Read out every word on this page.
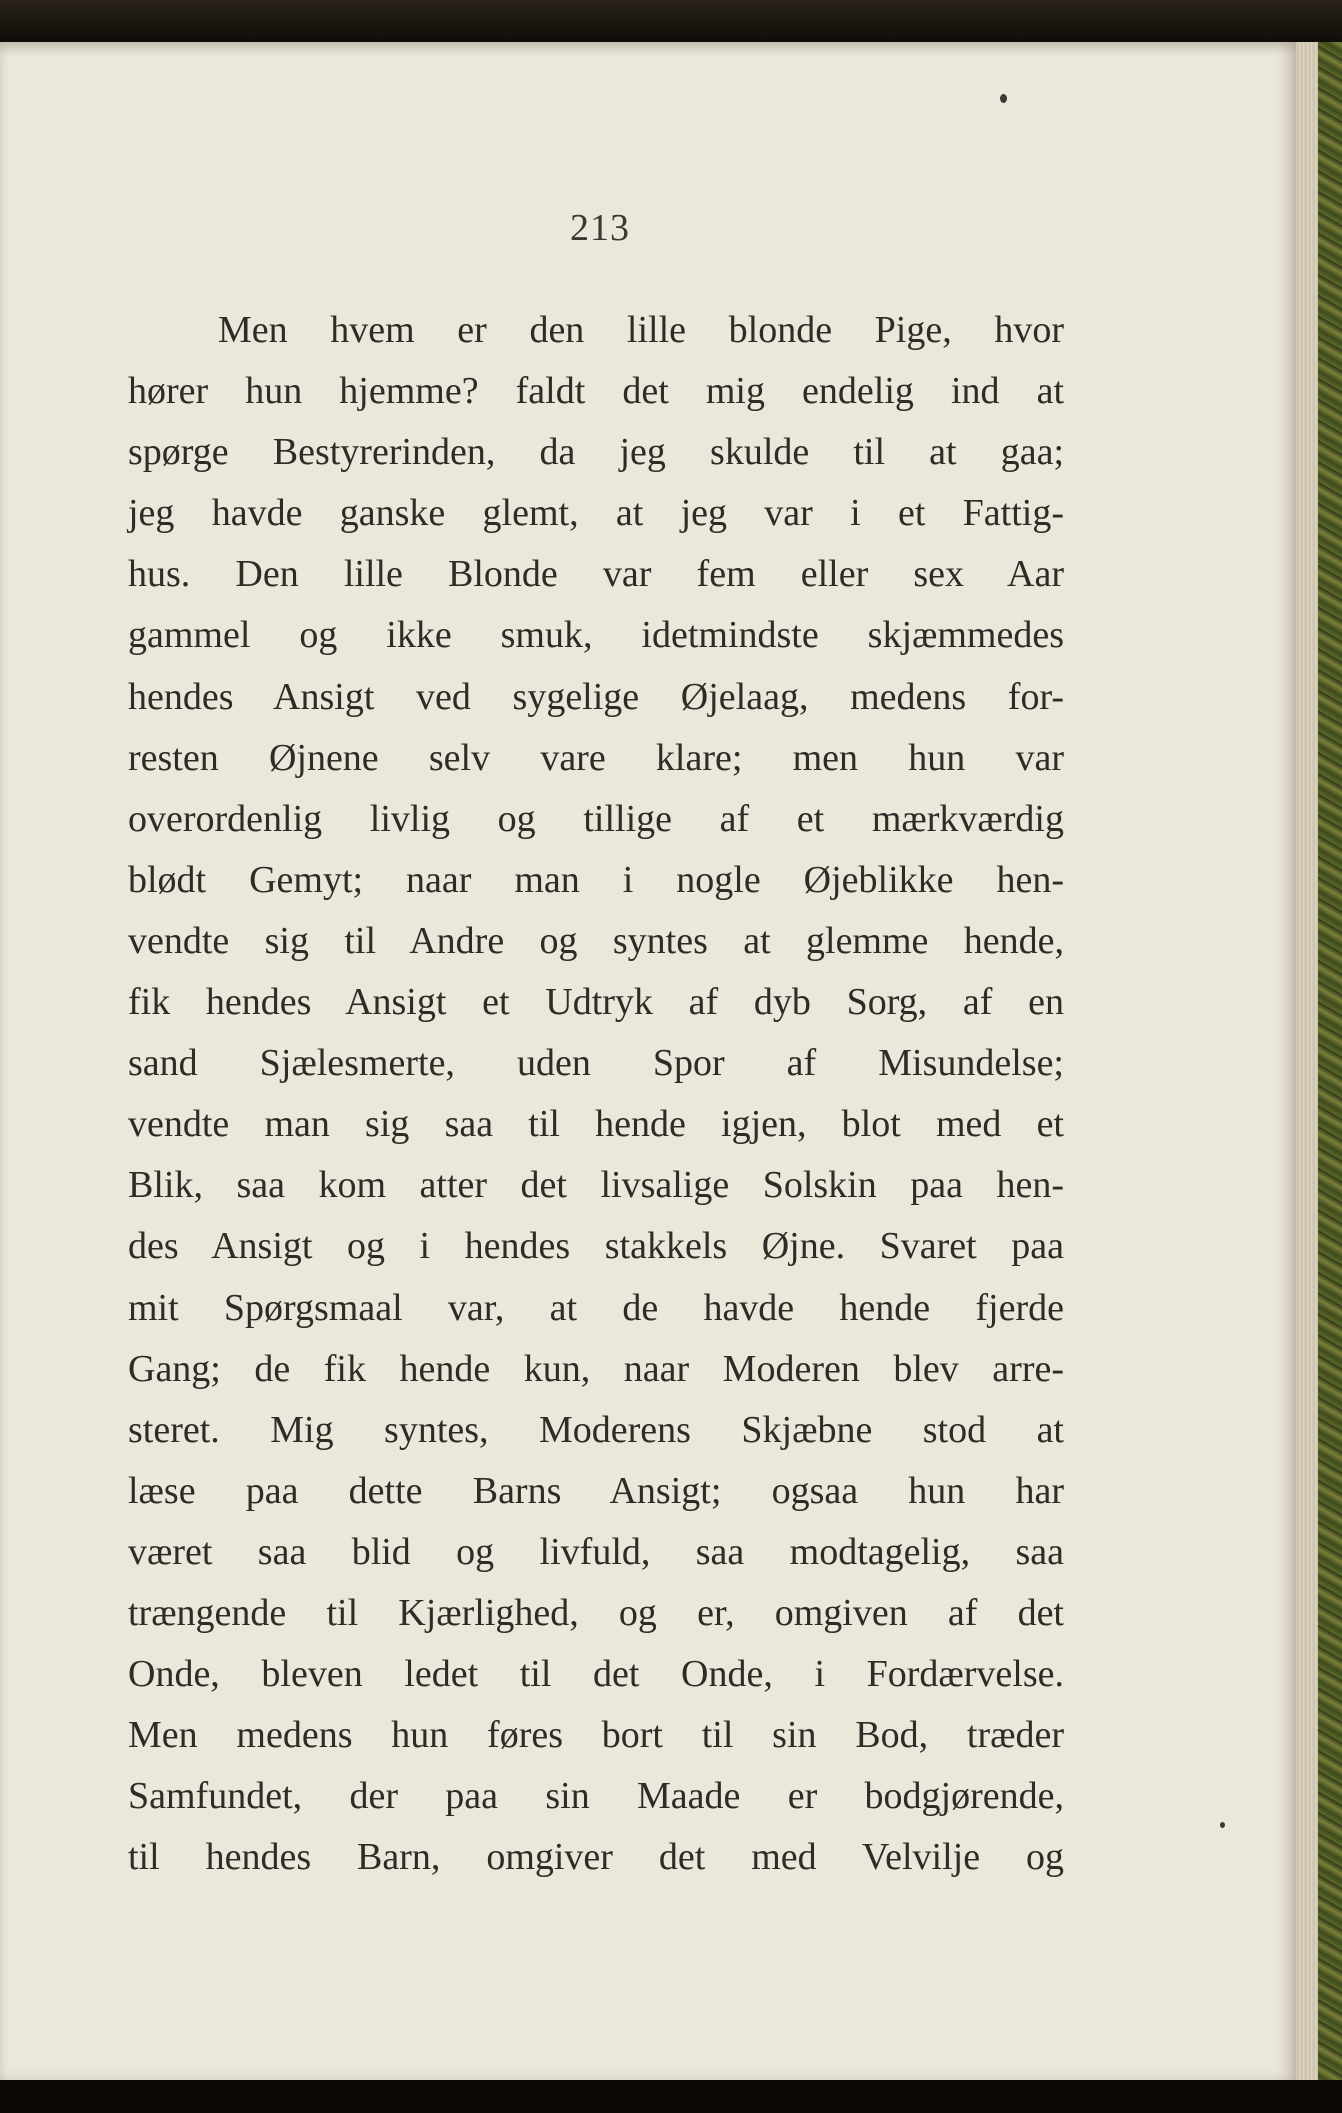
213
Men hvem er den lille blonde Pige, hvor
hører hun hjemme? faldt det mig endelig ind at
spørge Bestyrerinden, da jeg skulde til at gaa;
jeg havde ganske glemt, at jeg var i et Fattig-
hus. Den lille Blonde var fem eller sex Aar
gammel og ikke smuk, idetmindste skjæmmedes
hendes Ansigt ved sygelige Øjelaag, medens for-
resten Øjnene selv vare klare; men hun var
overordenlig livlig og tillige af et mærkværdig
blødt Gemyt; naar man i nogle Øjeblikke hen-
vendte sig til Andre og syntes at glemme hende,
fik hendes Ansigt et Udtryk af dyb Sorg, af en
sand Sjælesmerte, uden Spor af Misundelse;
vendte man sig saa til hende igjen, blot med et
Blik, saa kom atter det livsalige Solskin paa hen-
des Ansigt og i hendes stakkels Øjne. Svaret paa
mit Spørgsmaal var, at de havde hende fjerde
Gang; de fik hende kun, naar Moderen blev arre-
steret. Mig syntes, Moderens Skjæbne stod at
læse paa dette Barns Ansigt; ogsaa hun har
været saa blid og livfuld, saa modtagelig, saa
trængende til Kjærlighed, og er, omgiven af det
Onde, bleven ledet til det Onde, i Fordærvelse.
Men medens hun føres bort til sin Bod, træder
Samfundet, der paa sin Maade er bodgjørende,
til hendes Barn, omgiver det med Velvilje og
